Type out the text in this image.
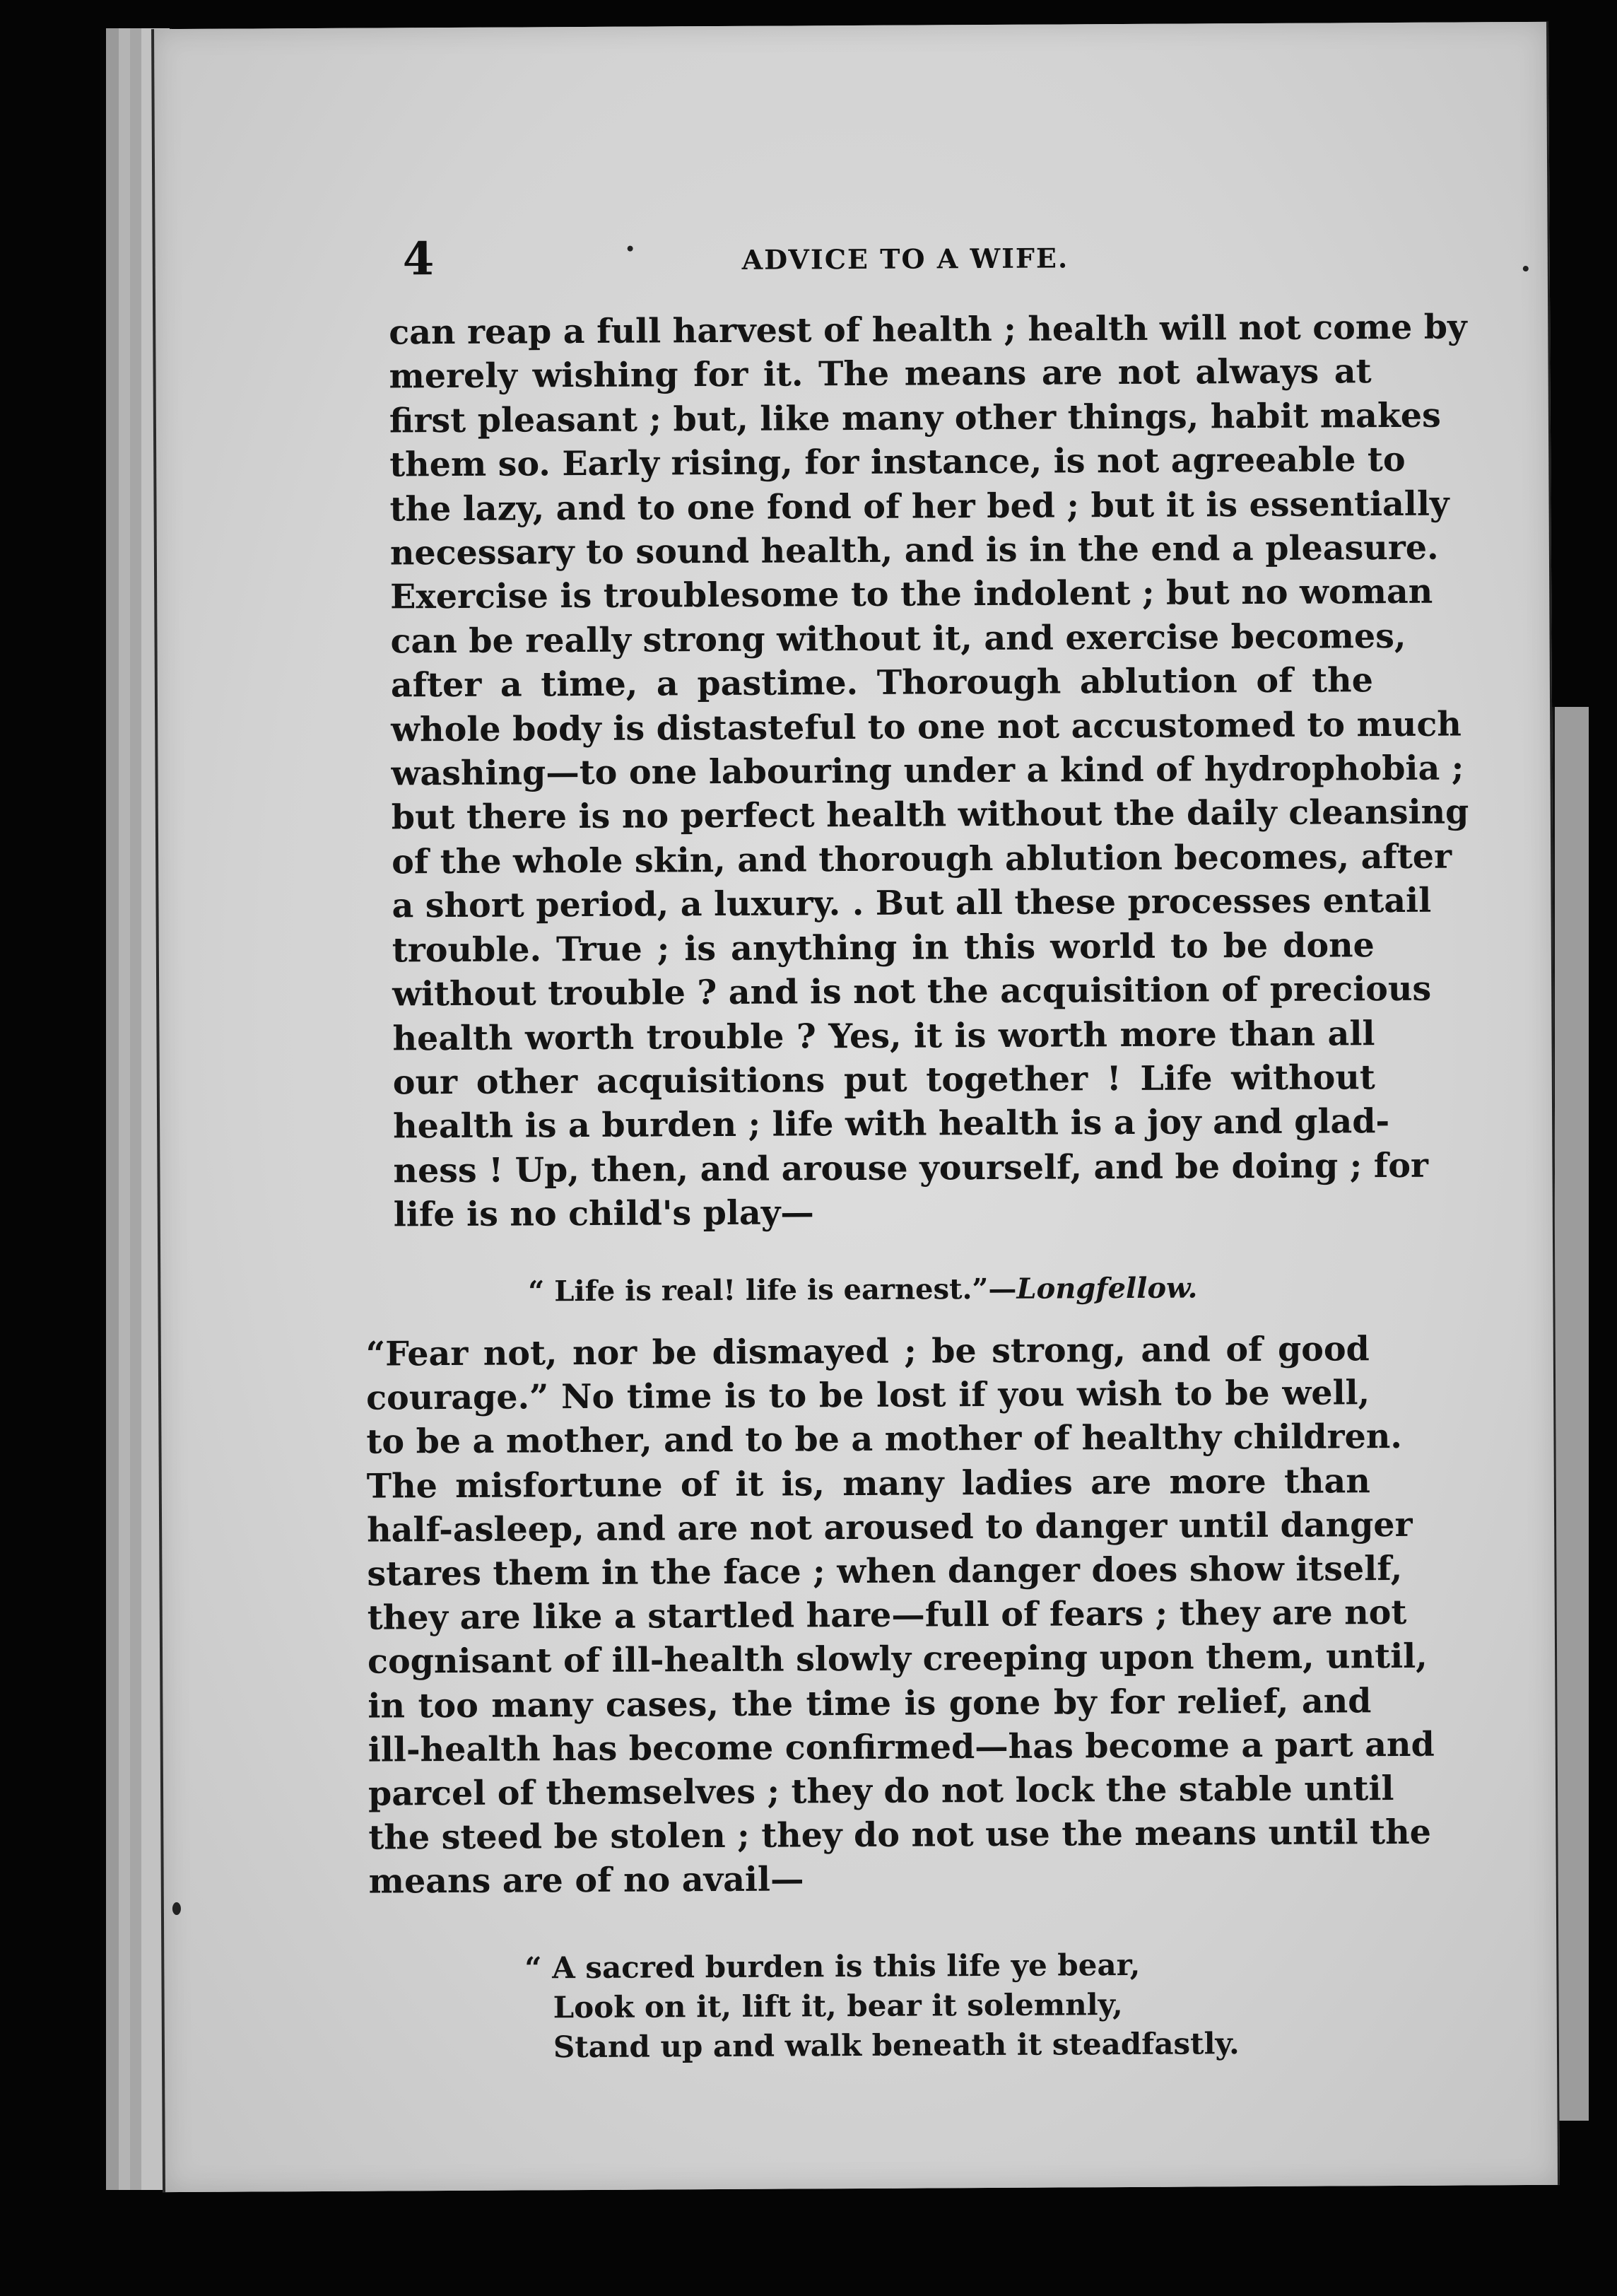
4	ADVICE TO A WIFE.
can reap a full harvest of health ; health will not come by
merely wishing for it. The means are not always at
first pleasant ; but, like many other things, habit makes
them so. Early rising, for instance, is not agreeable to
the lazy, and to one fond of her bed ; but it is essentially
necessary to sound health, and is in the end a pleasure.
Exercise is troublesome to the indolent ; but no woman
can be really strong without it, and exercise becomes,
after a time, a pastime. Thorough ablution of the
whole body is distasteful to one not accustomed to much
washing—to one labouring under a kind of hydrophobia ;
but there is no perfect health without the daily cleansing
of the whole skin, and thorough ablution becomes, after
a short period, a luxury. . But all these processes entail
trouble. True ; is anything in this world to be done
without trouble ? and is not the acquisition of precious
health worth trouble ? Yes, it is worth more than all
our other acquisitions put together ! Life without
health is a burden ; life with health is a joy and glad-
ness ! Up, then, and arouse yourself, and be doing ; for
life is no child's play—
“ Life is real! life is earnest.”—Longfellow.
“Fear not, nor be dismayed ; be strong, and of good
courage.” No time is to be lost if you wish to be well,
to be a mother, and to be a mother of healthy children.
The misfortune of it is, many ladies are more than
half-asleep, and are not aroused to danger until danger
stares them in the face ; when danger does show itself,
they are like a startled hare—full of fears ; they are not
cognisant of ill-health slowly creeping upon them, until,
in too many cases, the time is gone by for relief, and
ill-health has become confirmed—has become a part and
parcel of themselves ; they do not lock the stable until
the steed be stolen ; they do not use the means until the
means are of no avail—
“ A sacred burden is this life ye bear,
Look on it, lift it, bear it solemnly,
Stand up and walk beneath it steadfastly.
